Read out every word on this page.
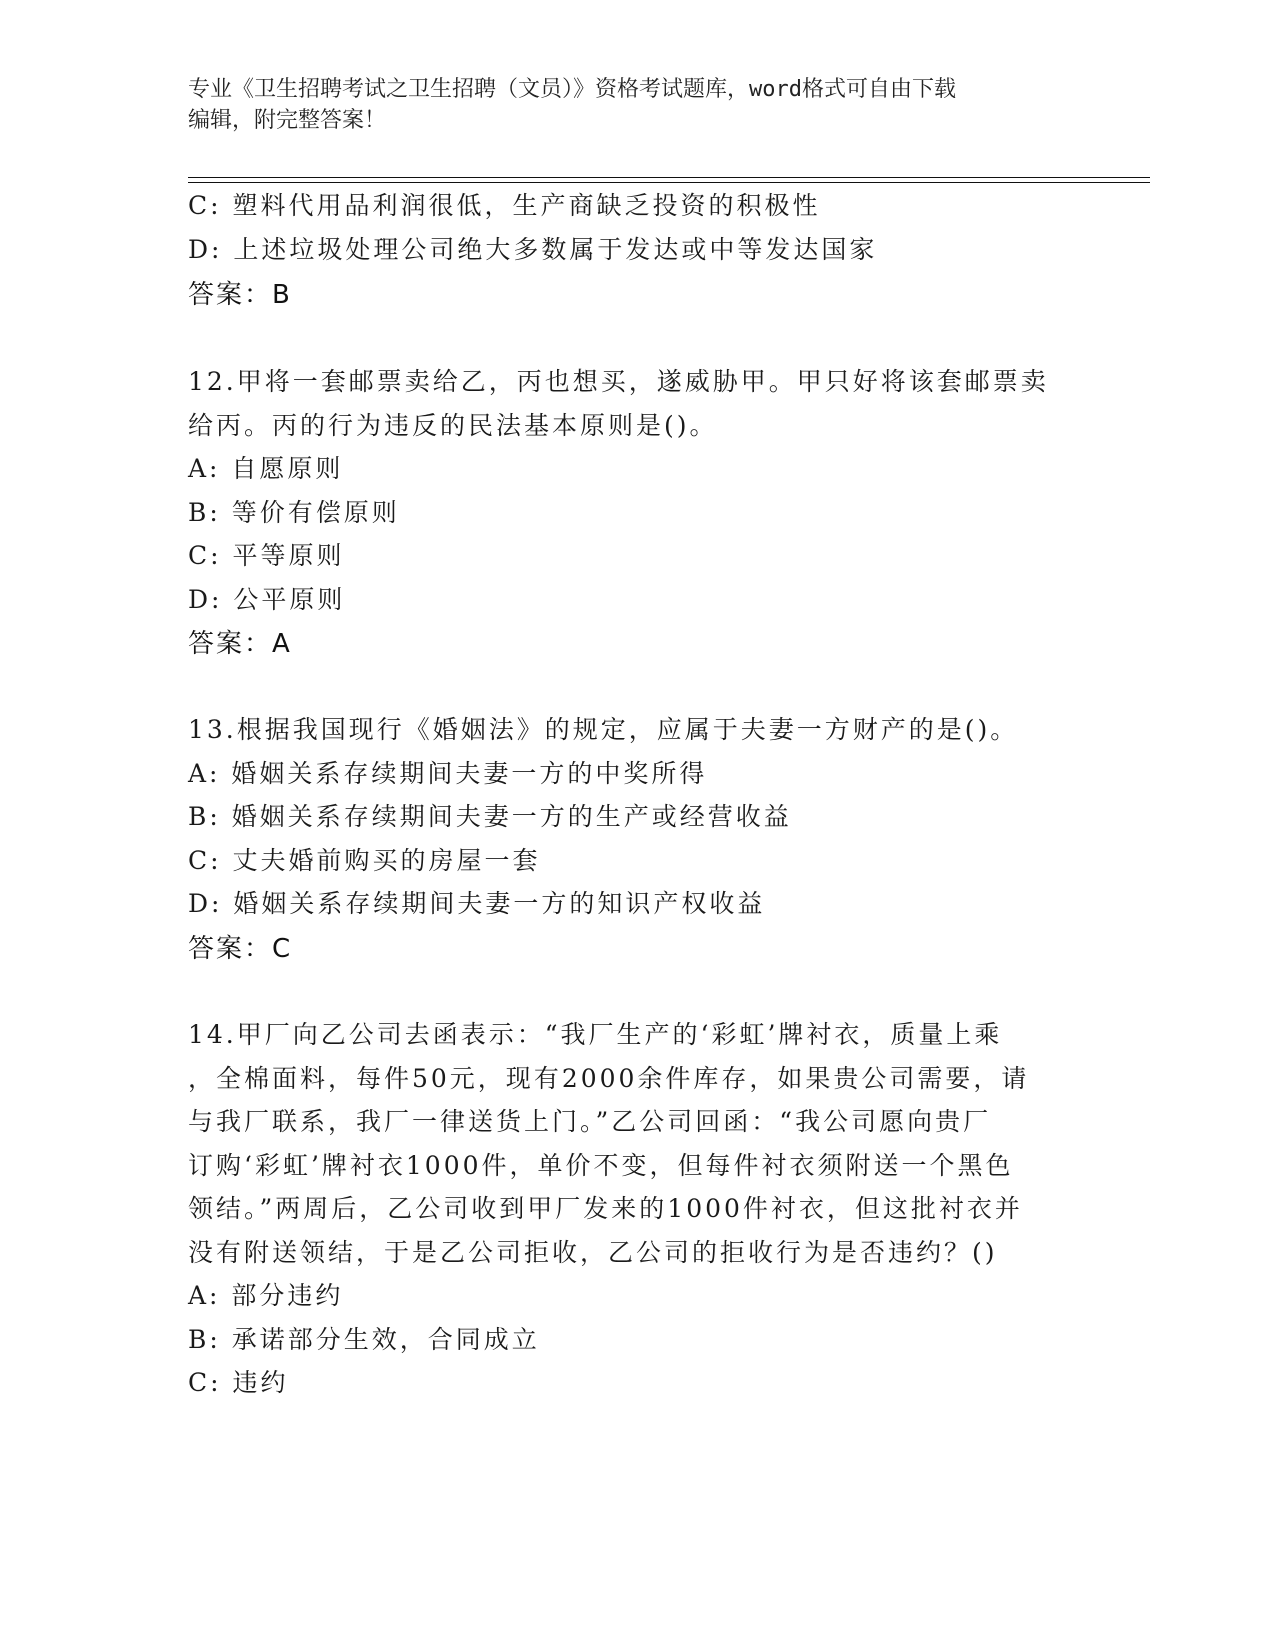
专业《卫生招聘考试之卫生招聘（文员）》资格考试题库，word格式可自由下载
编辑，附完整答案！
C: 塑料代用品利润很低，生产商缺乏投资的积极性
D: 上述垃圾处理公司绝大多数属于发达或中等发达国家
答案：B
12.甲将一套邮票卖给乙，丙也想买，遂威胁甲。甲只好将该套邮票卖
给丙。丙的行为违反的民法基本原则是()。
A: 自愿原则
B: 等价有偿原则
C: 平等原则
D: 公平原则
答案：A
13.根据我国现行《婚姻法》的规定，应属于夫妻一方财产的是()。
A: 婚姻关系存续期间夫妻一方的中奖所得
B: 婚姻关系存续期间夫妻一方的生产或经营收益
C: 丈夫婚前购买的房屋一套
D: 婚姻关系存续期间夫妻一方的知识产权收益
答案：C
14.甲厂向乙公司去函表示：“我厂生产的‘彩虹’牌衬衣，质量上乘
，全棉面料，每件50元，现有2000余件库存，如果贵公司需要，请
与我厂联系，我厂一律送货上门。”乙公司回函：“我公司愿向贵厂
订购‘彩虹’牌衬衣1000件，单价不变，但每件衬衣须附送一个黑色
领结。”两周后，乙公司收到甲厂发来的1000件衬衣，但这批衬衣并
没有附送领结，于是乙公司拒收，乙公司的拒收行为是否违约？()
A: 部分违约
B: 承诺部分生效，合同成立
C: 违约
